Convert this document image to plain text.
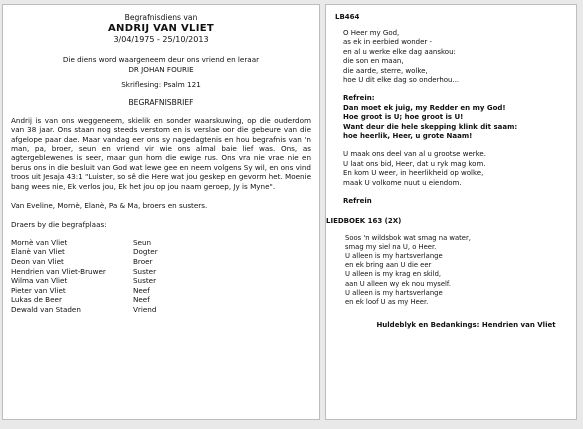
Begrafnisdiens van
ANDRIJ VAN VLIET
3/04/1975 - 25/10/2013
Die diens word waargeneem deur ons vriend en leraar
DR JOHAN FOURIE
Skriflesing: Psalm 121
BEGRAFNISBRIEF
Andrij is van ons weggeneem, skielik en sonder waarskuwing, op die ouderdom van 38 jaar. Ons staan nog steeds verstom en is verslae oor die gebeure van die afgelope paar dae. Maar vandag eer ons sy nagedagtenis en hou begrafnis van 'n man, pa, broer, seun en vriend vir wie ons almal baie lief was. Ons, as agtergeblewenes is seer, maar gun hom die ewige rus. Ons vra nie vrae nie en berus ons in die besluit van God wat lewe gee en neem volgens Sy wil, en ons vind troos uit Jesaja 43:1 "Luister, so sê die Here wat jou geskep en gevorm het. Moenie bang wees nie, Ek verlos jou, Ek het jou op jou naam geroep, Jy is Myne".
Van Eveline, Mornè, Elanè, Pa & Ma, broers en susters.
Draers by die begrafplaas:
Mornè van Vliet	Seun
Elanè van Vliet	Dogter
Deon van Vliet	Broer
Hendrien van Vliet-Bruwer	Suster
Wilma van Vliet	Suster
Pieter van Vliet	Neef
Lukas de Beer	Neef
Dewald van Staden	Vriend
LB464
O Heer my God,
as ek in eerbied wonder -
en al u werke elke dag aanskou:
die son en maan,
die aarde, sterre, wolke,
hoe U dit elke dag so onderhou...
Refrein:
Dan moet ek juig, my Redder en my God!
Hoe groot is U; hoe groot is U!
Want deur die hele skepping klink dit saam:
hoe heerlik, Heer, u grote Naam!
U maak ons deel van al u grootse werke.
U laat ons bid, Heer, dat u ryk mag kom.
En kom U weer, in heerlikheid op wolke,
maak U volkome nuut u eiendom.
Refrein
LIEDBOEK 163 (2X)
Soos 'n wildsbok wat smag na water,
smag my siel na U, o Heer.
U alleen is my hartsverlange
en ek bring aan U die eer
U alleen is my krag en skild,
aan U alleen wy ek nou myself.
U alleen is my hartsverlange
en ek loof U as my Heer.
Huldeblyk en Bedankings: Hendrien van Vliet
